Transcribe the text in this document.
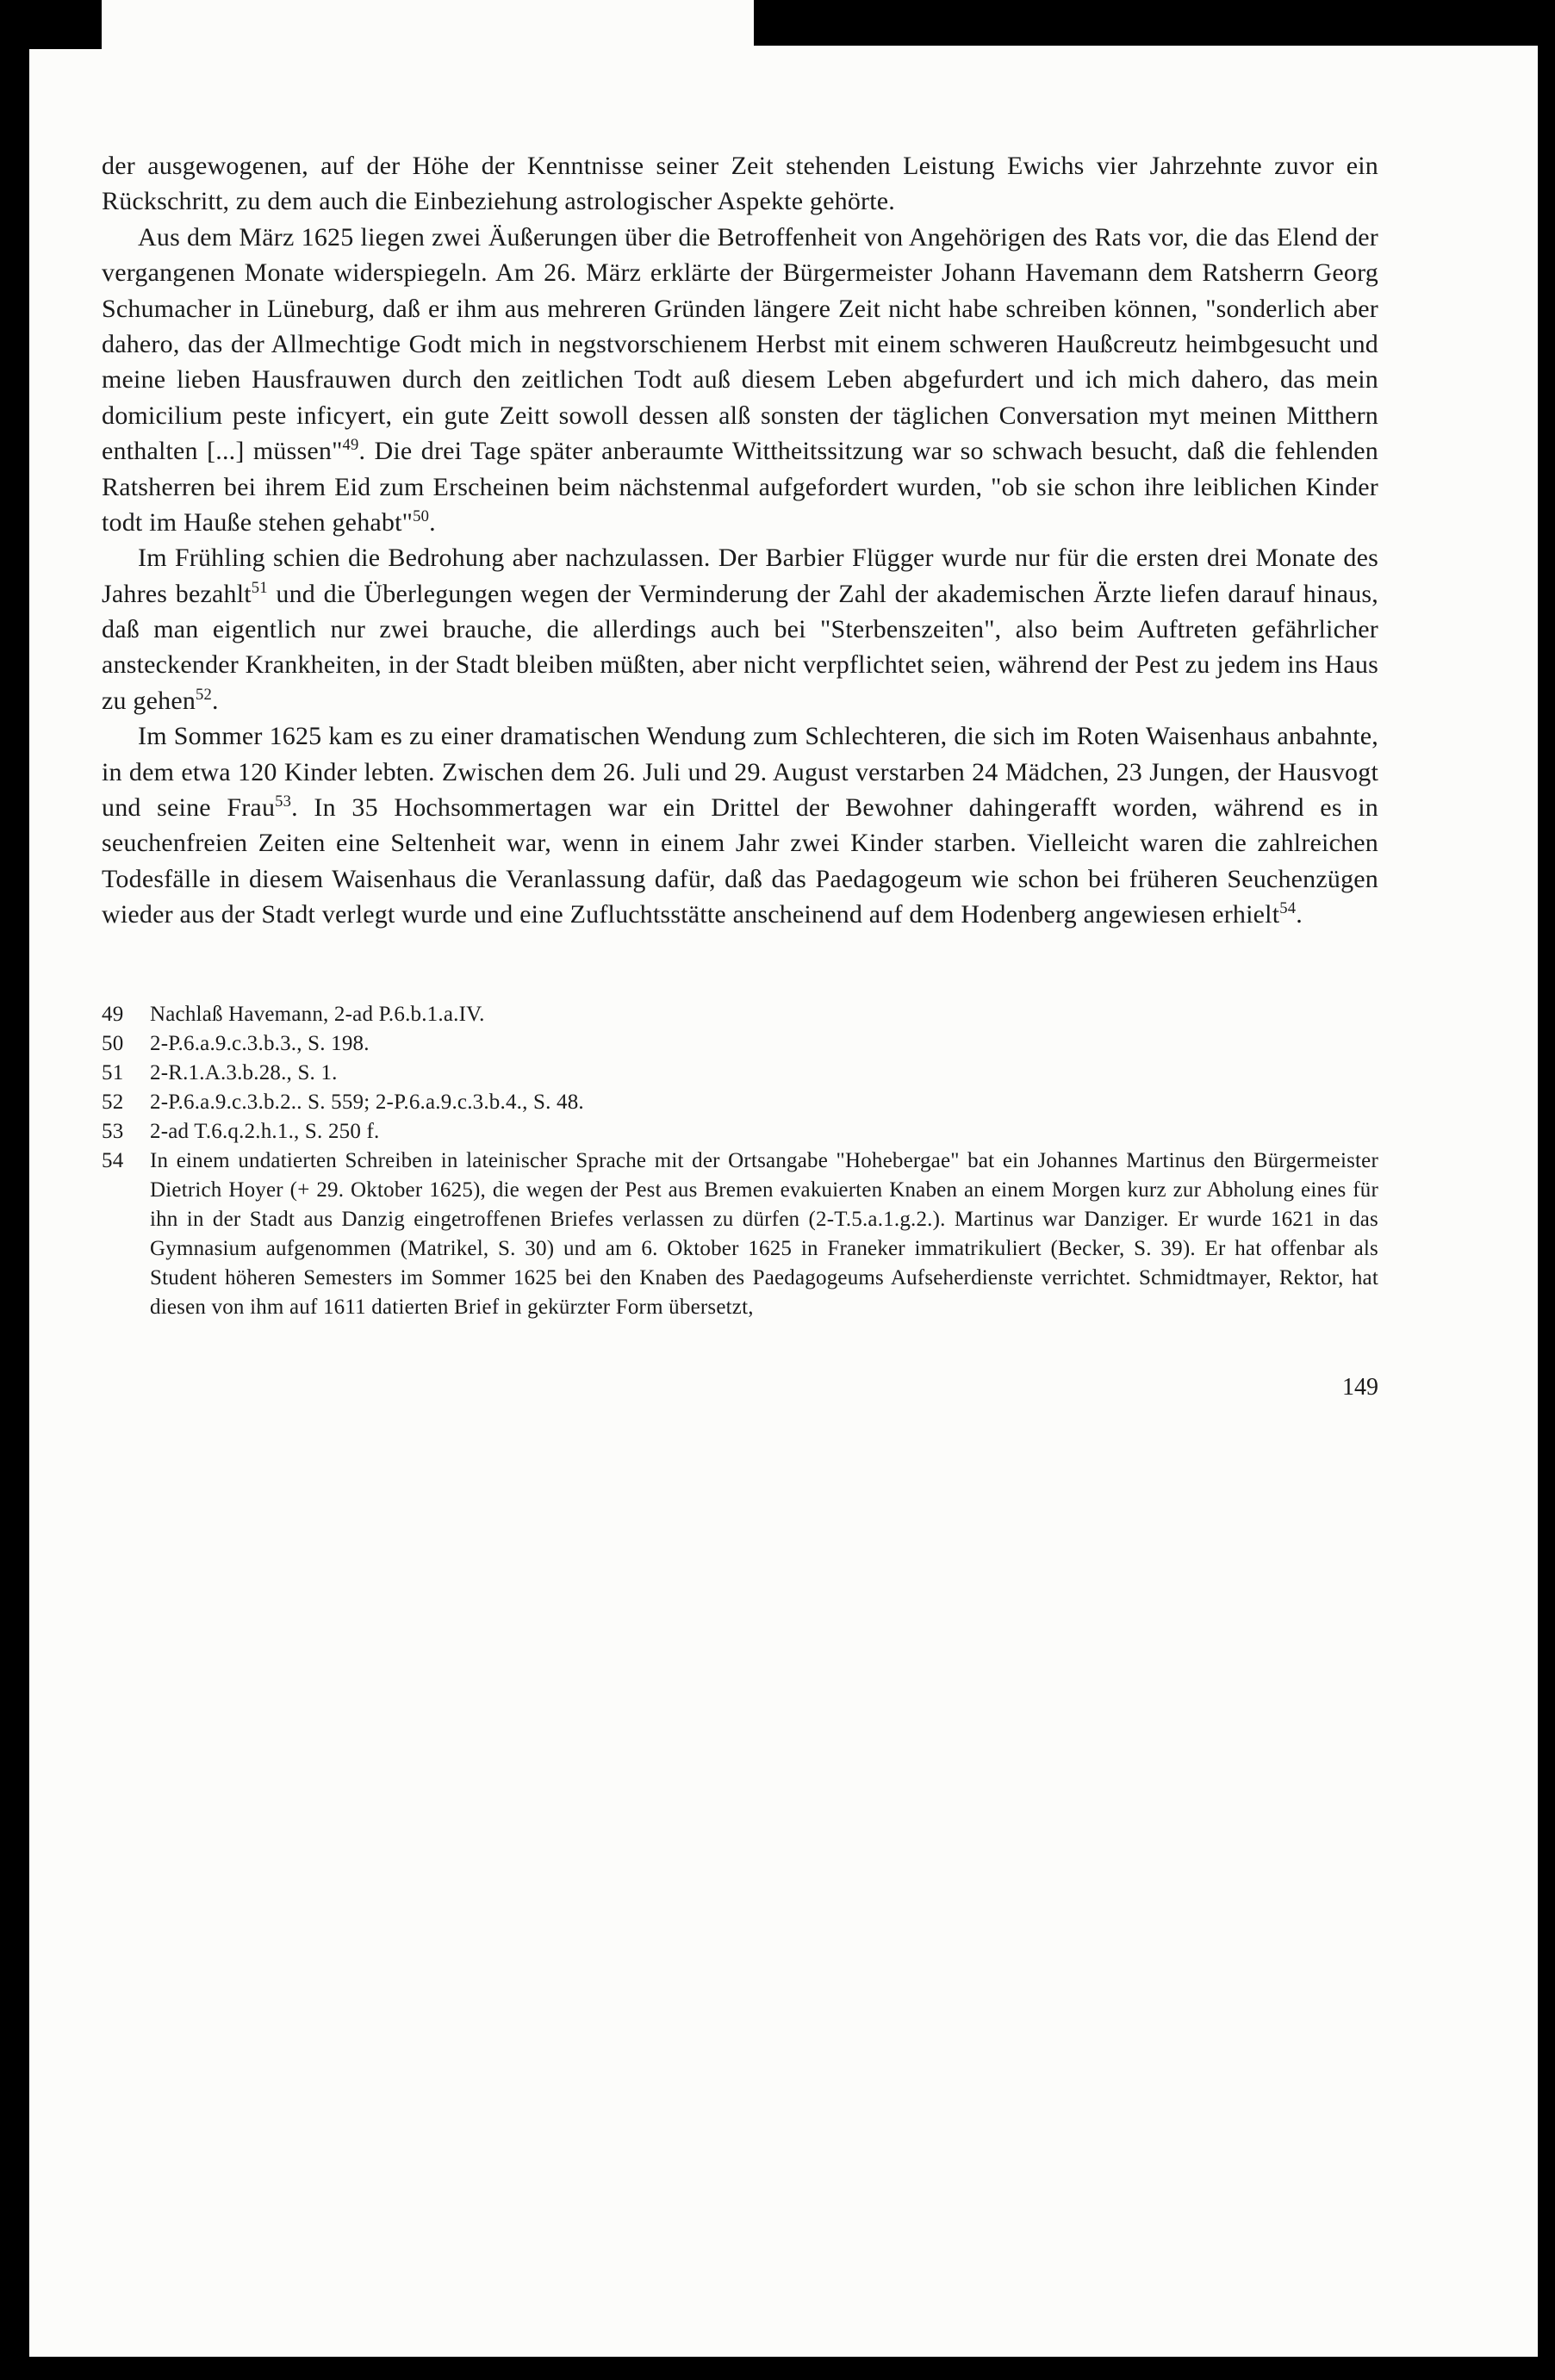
der ausgewogenen, auf der Höhe der Kenntnisse seiner Zeit stehenden Leistung Ewichs vier Jahrzehnte zuvor ein Rückschritt, zu dem auch die Einbeziehung astrologischer Aspekte gehörte.

Aus dem März 1625 liegen zwei Äußerungen über die Betroffenheit von Angehörigen des Rats vor, die das Elend der vergangenen Monate widerspiegeln. Am 26. März erklärte der Bürgermeister Johann Havemann dem Ratsherrn Georg Schumacher in Lüneburg, daß er ihm aus mehreren Gründen längere Zeit nicht habe schreiben können, "sonderlich aber dahero, das der Allmechtige Godt mich in negstvorschienem Herbst mit einem schweren Haußcreutz heimbgesucht und meine lieben Hausfrauwen durch den zeitlichen Todt auß diesem Leben abgefurdert und ich mich dahero, das mein domicilium peste inficyert, ein gute Zeitt sowoll dessen alß sonsten der täglichen Conversation myt meinen Mitthern enthalten [...] müssen"$^{49}$. Die drei Tage später anberaumte Wittheitssitzung war so schwach besucht, daß die fehlenden Ratsherren bei ihrem Eid zum Erscheinen beim nächstenmal aufgefordert wurden, "ob sie schon ihre leiblichen Kinder todt im Hauße stehen gehabt"$^{50}$.

Im Frühling schien die Bedrohung aber nachzulassen. Der Barbier Flügger wurde nur für die ersten drei Monate des Jahres bezahlt$^{51}$ und die Überlegungen wegen der Verminderung der Zahl der akademischen Ärzte liefen darauf hinaus, daß man eigentlich nur zwei brauche, die allerdings auch bei "Sterbenszeiten", also beim Auftreten gefährlicher ansteckender Krankheiten, in der Stadt bleiben müßten, aber nicht verpflichtet seien, während der Pest zu jedem ins Haus zu gehen$^{52}$.

Im Sommer 1625 kam es zu einer dramatischen Wendung zum Schlechteren, die sich im Roten Waisenhaus anbahnte, in dem etwa 120 Kinder lebten. Zwischen dem 26. Juli und 29. August verstarben 24 Mädchen, 23 Jungen, der Hausvogt und seine Frau$^{53}$. In 35 Hochsommertagen war ein Drittel der Bewohner dahingerafft worden, während es in seuchenfreien Zeiten eine Seltenheit war, wenn in einem Jahr zwei Kinder starben. Vielleicht waren die zahlreichen Todesfälle in diesem Waisenhaus die Veranlassung dafür, daß das Paedagogeum wie schon bei früheren Seuchenzügen wieder aus der Stadt verlegt wurde und eine Zufluchtsstätte anscheinend auf dem Hodenberg angewiesen erhielt$^{54}$.

49	Nachlaß Havemann, 2-ad P.6.b.1.a.IV.
50	2-P.6.a.9.c.3.b.3., S. 198.
51	2-R.1.A.3.b.28., S. 1.
52	2-P.6.a.9.c.3.b.2.. S. 559; 2-P.6.a.9.c.3.b.4., S. 48.
53	2-ad T.6.q.2.h.1., S. 250 f.
54	In einem undatierten Schreiben in lateinischer Sprache mit der Ortsangabe "Hohebergae" bat ein Johannes Martinus den Bürgermeister Dietrich Hoyer (+ 29. Oktober 1625), die wegen der Pest aus Bremen evakuierten Knaben an einem Morgen kurz zur Abholung eines für ihn in der Stadt aus Danzig eingetroffenen Briefes verlassen zu dürfen (2-T.5.a.1.g.2.). Martinus war Danziger. Er wurde 1621 in das Gymnasium aufgenommen (Matrikel, S. 30) und am 6. Oktober 1625 in Franeker immatrikuliert (Becker, S. 39). Er hat offenbar als Student höheren Semesters im Sommer 1625 bei den Knaben des Paedagogeums Aufseherdienste verrichtet. Schmidtmayer, Rektor, hat diesen von ihm auf 1611 datierten Brief in gekürzter Form übersetzt,
149
